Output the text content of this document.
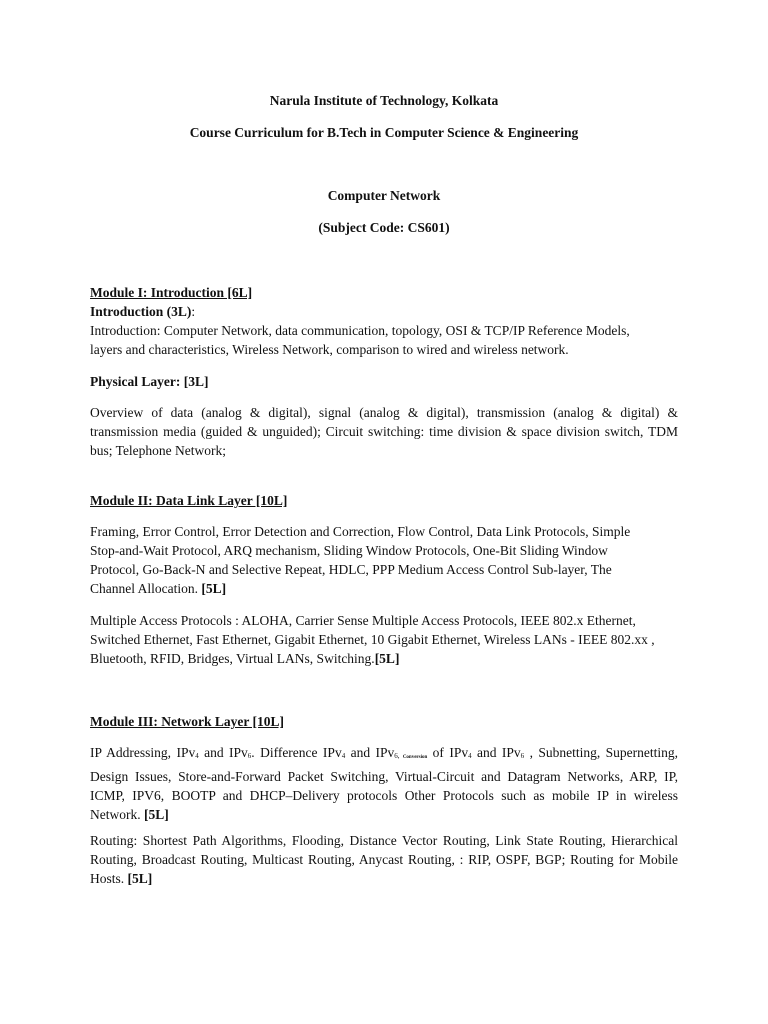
Narula Institute of Technology, Kolkata
Course Curriculum for B.Tech in Computer Science & Engineering
Computer Network
(Subject Code: CS601)
Module I: Introduction [6L]
Introduction (3L):
Introduction: Computer Network, data communication, topology, OSI & TCP/IP Reference Models,
layers and characteristics, Wireless Network, comparison to wired and wireless network.
Physical Layer: [3L]
Overview of data (analog & digital), signal (analog & digital), transmission (analog & digital) & transmission media (guided & unguided); Circuit switching: time division & space division switch, TDM bus; Telephone Network;
Module II: Data Link Layer [10L]
Framing, Error Control, Error Detection and Correction, Flow Control, Data Link Protocols, Simple
Stop-and-Wait Protocol, ARQ mechanism, Sliding Window Protocols, One-Bit Sliding Window
Protocol, Go-Back-N and Selective Repeat, HDLC, PPP Medium Access Control Sub-layer, The
Channel Allocation. [5L]
Multiple Access Protocols : ALOHA, Carrier Sense Multiple Access Protocols, IEEE 802.x Ethernet,
Switched Ethernet, Fast Ethernet, Gigabit Ethernet, 10 Gigabit Ethernet, Wireless LANs - IEEE 802.xx ,
Bluetooth, RFID, Bridges, Virtual LANs, Switching.[5L]
Module III: Network Layer [10L]
IP Addressing, IPv$_4$ and IPv$_6$. Difference IPv$_4$ and IPv$_{6,}$ $_{Conversion}$ of IPv$_4$ and IPv$_6$ , Subnetting, Supernetting, Design Issues, Store-and-Forward Packet Switching, Virtual-Circuit and Datagram Networks, ARP, IP, ICMP, IPV6, BOOTP and DHCP–Delivery protocols Other Protocols such as mobile IP in wireless Network. [5L]
Routing: Shortest Path Algorithms, Flooding, Distance Vector Routing, Link State Routing, Hierarchical Routing, Broadcast Routing, Multicast Routing, Anycast Routing, : RIP, OSPF, BGP; Routing for Mobile Hosts. [5L]
